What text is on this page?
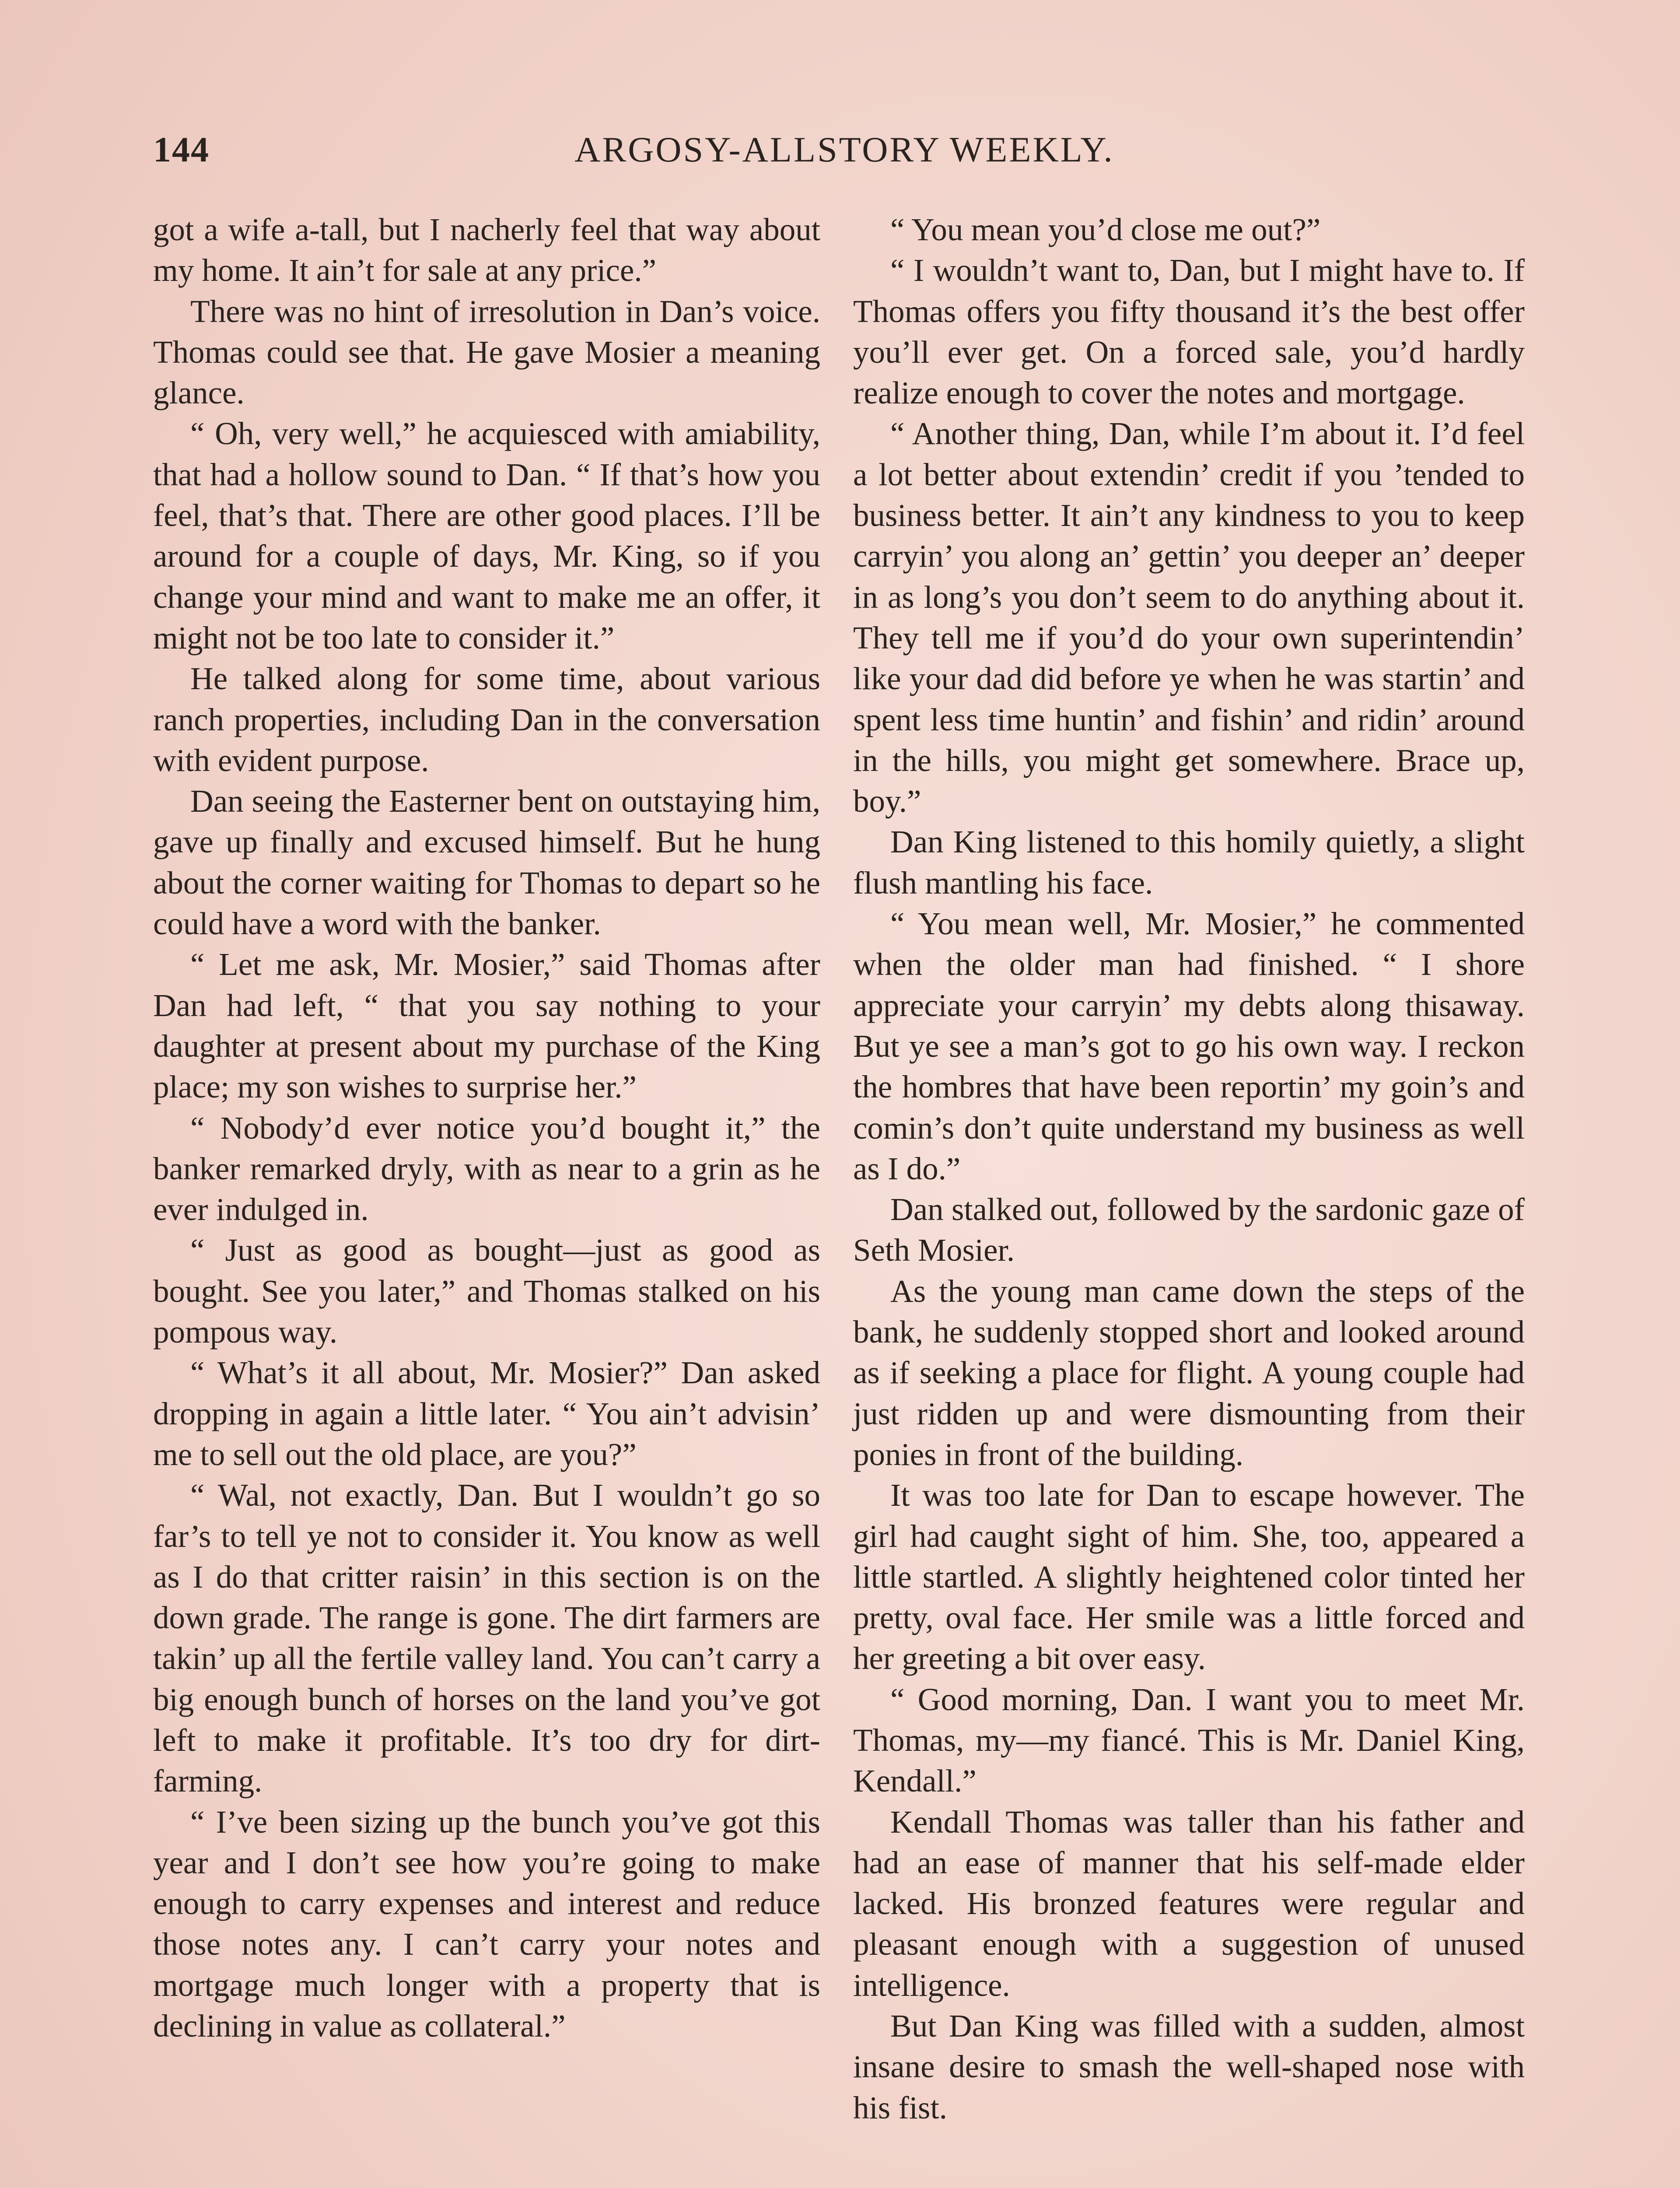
144	ARGOSY-ALLSTORY WEEKLY.

got a wife a-tall, but I nacherly feel that way about my home. It ain’t for sale at any price.”

There was no hint of irresolution in Dan’s voice. Thomas could see that. He gave Mosier a meaning glance.

“ Oh, very well,” he acquiesced with amiability, that had a hollow sound to Dan. “ If that’s how you feel, that’s that. There are other good places. I’ll be around for a couple of days, Mr. King, so if you change your mind and want to make me an offer, it might not be too late to consider it.”

He talked along for some time, about various ranch properties, including Dan in the conversation with evident purpose.

Dan seeing the Easterner bent on outstaying him, gave up finally and excused himself. But he hung about the corner waiting for Thomas to depart so he could have a word with the banker.

“ Let me ask, Mr. Mosier,” said Thomas after Dan had left, “ that you say nothing to your daughter at present about my purchase of the King place; my son wishes to surprise her.”

“ Nobody’d ever notice you’d bought it,” the banker remarked dryly, with as near to a grin as he ever indulged in.

“ Just as good as bought—just as good as bought. See you later,” and Thomas stalked on his pompous way.

“ What’s it all about, Mr. Mosier?” Dan asked dropping in again a little later. “ You ain’t advisin’ me to sell out the old place, are you?”

“ Wal, not exactly, Dan. But I wouldn’t go so far’s to tell ye not to consider it. You know as well as I do that critter raisin’ in this section is on the down grade. The range is gone. The dirt farmers are takin’ up all the fertile valley land. You can’t carry a big enough bunch of horses on the land you’ve got left to make it profitable. It’s too dry for dirt-farming.

“ I’ve been sizing up the bunch you’ve got this year and I don’t see how you’re going to make enough to carry expenses and interest and reduce those notes any. I can’t carry your notes and mortgage much longer with a property that is declining in value as collateral.”

“ You mean you’d close me out?”

“ I wouldn’t want to, Dan, but I might have to. If Thomas offers you fifty thousand it’s the best offer you’ll ever get. On a forced sale, you’d hardly realize enough to cover the notes and mortgage.

“ Another thing, Dan, while I’m about it. I’d feel a lot better about extendin’ credit if you ’tended to business better. It ain’t any kindness to you to keep carryin’ you along an’ gettin’ you deeper an’ deeper in as long’s you don’t seem to do anything about it. They tell me if you’d do your own superintendin’ like your dad did before ye when he was startin’ and spent less time huntin’ and fishin’ and ridin’ around in the hills, you might get somewhere. Brace up, boy.”

Dan King listened to this homily quietly, a slight flush mantling his face.

“ You mean well, Mr. Mosier,” he commented when the older man had finished. “ I shore appreciate your carryin’ my debts along thisaway. But ye see a man’s got to go his own way. I reckon the hombres that have been reportin’ my goin’s and comin’s don’t quite understand my business as well as I do.”

Dan stalked out, followed by the sardonic gaze of Seth Mosier.

As the young man came down the steps of the bank, he suddenly stopped short and looked around as if seeking a place for flight. A young couple had just ridden up and were dismounting from their ponies in front of the building.

It was too late for Dan to escape however. The girl had caught sight of him. She, too, appeared a little startled. A slightly heightened color tinted her pretty, oval face. Her smile was a little forced and her greeting a bit over easy.

“ Good morning, Dan. I want you to meet Mr. Thomas, my—my fiancé. This is Mr. Daniel King, Kendall.”

Kendall Thomas was taller than his father and had an ease of manner that his self-made elder lacked. His bronzed features were regular and pleasant enough with a suggestion of unused intelligence.

But Dan King was filled with a sudden, almost insane desire to smash the well-shaped nose with his fist.
